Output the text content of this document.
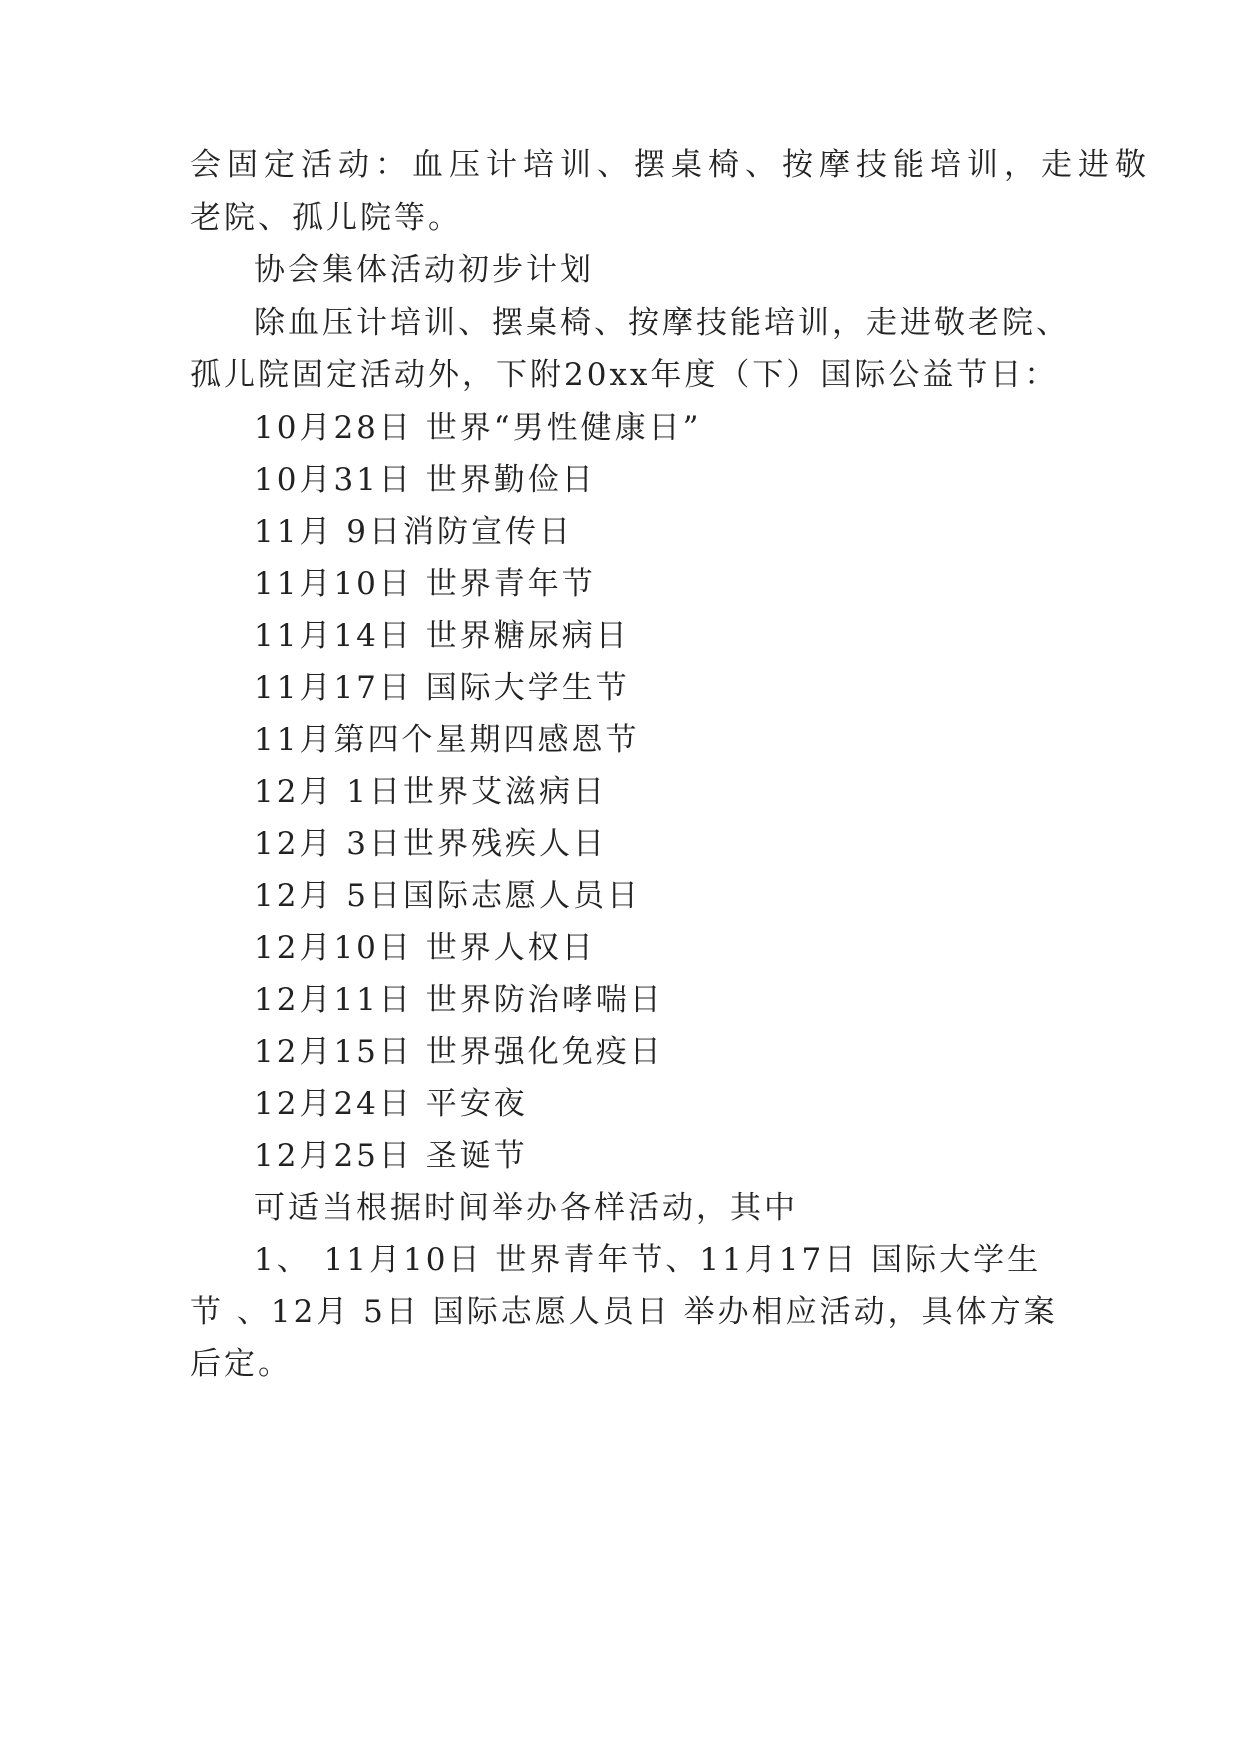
会固定活动：血压计培训、摆桌椅、按摩技能培训，走进敬
老院、孤儿院等。
协会集体活动初步计划
除血压计培训、摆桌椅、按摩技能培训，走进敬老院、
孤儿院固定活动外，下附20xx年度（下）国际公益节日：
10月28日 世界“男性健康日”
10月31日 世界勤俭日
11月 9日消防宣传日
11月10日 世界青年节
11月14日 世界糖尿病日
11月17日 国际大学生节
11月第四个星期四感恩节
12月 1日世界艾滋病日
12月 3日世界残疾人日
12月 5日国际志愿人员日
12月10日 世界人权日
12月11日 世界防治哮喘日
12月15日 世界强化免疫日
12月24日 平安夜
12月25日 圣诞节
可适当根据时间举办各样活动，其中
1、 11月10日 世界青年节、11月17日 国际大学生
节 、12月 5日 国际志愿人员日 举办相应活动，具体方案
后定。
